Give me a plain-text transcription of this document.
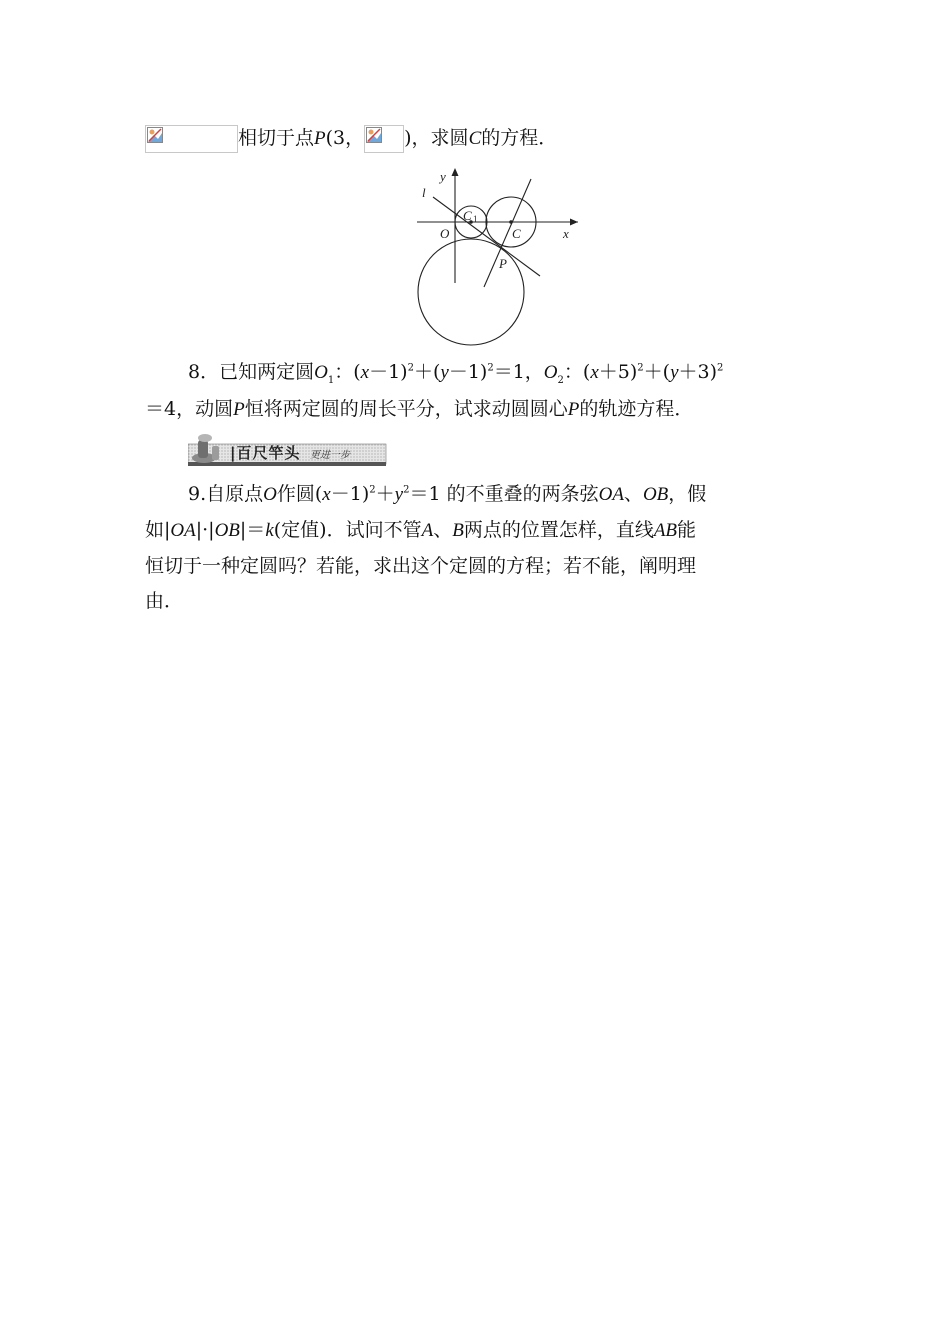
相切于点P(3， )，求圆C的方程．
y
x
l
O
C 1
C
P
8．已知两定圆$O_1$：$(x-1)^2+(y-1)^2=1$，$O_2$：$(x+5)^2+(y+3)^2$
＝4，动圆P恒将两定圆的周长平分，试求动圆圆心P的轨迹方程．
|百尺竿头 更进一步
9.自原点O作圆$(x-1)^2+y^2=1$ 的不重叠的两条弦OA、OB，假
如|OA|·|OB|＝k(定值)．试问不管A、B两点的位置怎样，直线AB能
恒切于一种定圆吗？若能，求出这个定圆的方程；若不能，阐明理
由．
